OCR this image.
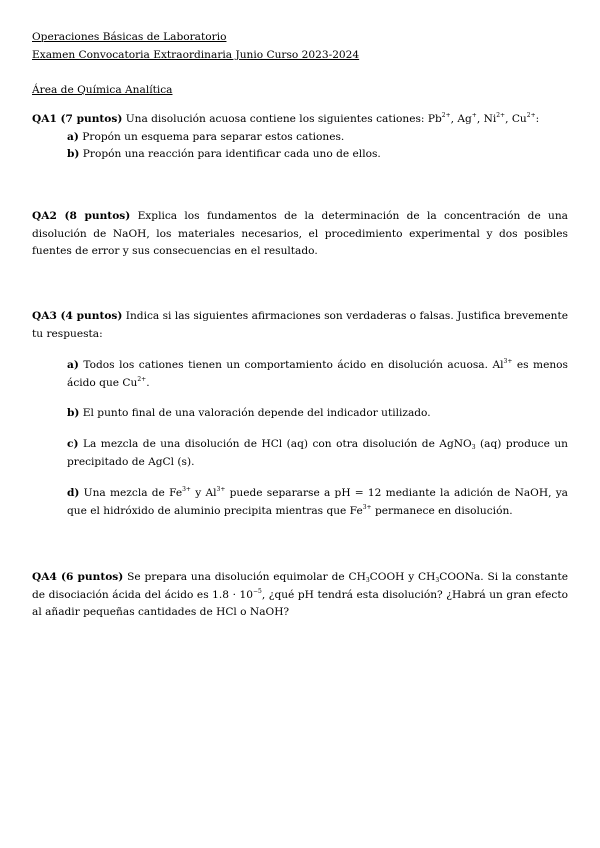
Operaciones Básicas de Laboratorio
Examen Convocatoria Extraordinaria Junio Curso 2023-2024
Área de Química Analítica
QA1 (7 puntos) Una disolución acuosa contiene los siguientes cationes: $Pb^{2+}$, Ag+, $Ni^{2+}$, $Cu^{2+}$:
a) Propón un esquema para separar estos cationes.
b) Propón una reacción para identificar cada uno de ellos.
QA2 (8 puntos) Explica los fundamentos de la determinación de la concentración de una disolución de NaOH, los materiales necesarios, el procedimiento experimental y dos posibles fuentes de error y sus consecuencias en el resultado.
QA3 (4 puntos) Indica si las siguientes afirmaciones son verdaderas o falsas. Justifica brevemente tu respuesta:
a) Todos los cationes tienen un comportamiento ácido en disolución acuosa. $Al^{3+}$ es menos ácido que $Cu^{2+}$.
b) El punto final de una valoración depende del indicador utilizado.
c) La mezcla de una disolución de HCl (aq) con otra disolución de AgNO$_3$ (aq) produce un precipitado de AgCl (s).
d) Una mezcla de $Fe^{3+}$ y $Al^{3+}$ puede separarse a pH = 12 mediante la adición de NaOH, ya que el hidróxido de aluminio precipita mientras que $Fe^{3+}$ permanece en disolución.
QA4 (6 puntos) Se prepara una disolución equimolar de $CH_3COOH$ y $CH_3COONa$. Si la constante de disociación ácida del ácido es $1.8 \cdot 10^{-5}$, ¿qué pH tendrá esta disolución? ¿Habrá un gran efecto al añadir pequeñas cantidades de HCl o NaOH?
